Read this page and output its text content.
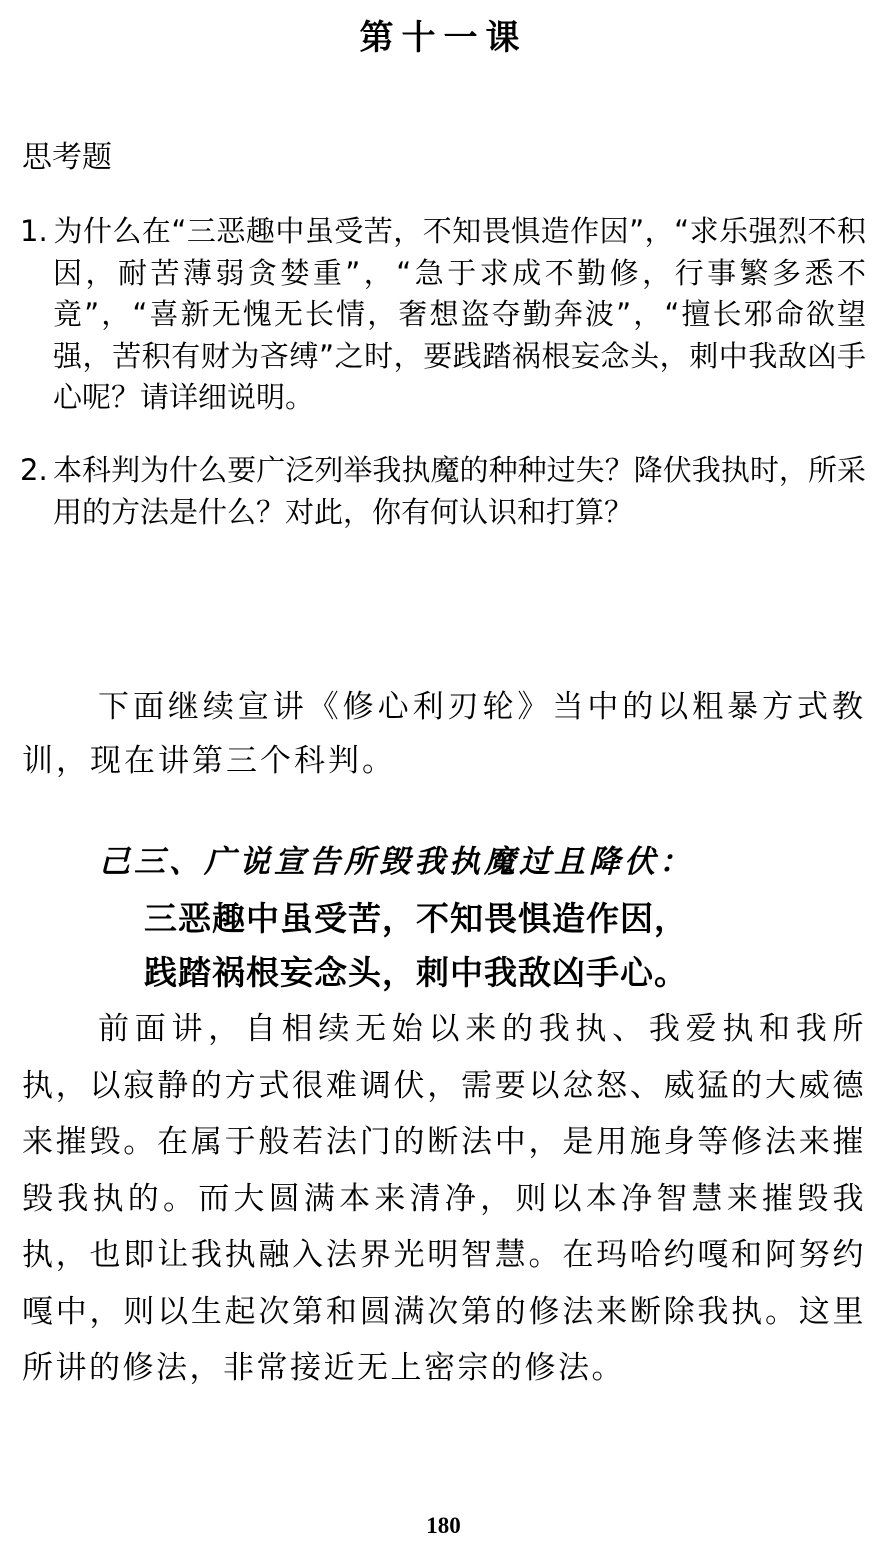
第十一课
思考题
1. 为什么在“三恶趣中虽受苦，不知畏惧造作因”，“求乐强烈不积因，耐苦薄弱贪婪重”，“急于求成不勤修，行事繁多悉不竟”，“喜新无愧无长情，奢想盗夺勤奔波”，“擅长邪命欲望强，苦积有财为吝缚”之时，要践踏祸根妄念头，刺中我敌凶手心呢？请详细说明。
2. 本科判为什么要广泛列举我执魔的种种过失？降伏我执时，所采用的方法是什么？对此，你有何认识和打算？
下面继续宣讲《修心利刃轮》当中的以粗暴方式教训，现在讲第三个科判。
己三、广说宣告所毁我执魔过且降伏：
三恶趣中虽受苦，不知畏惧造作因，
践踏祸根妄念头，刺中我敌凶手心。
前面讲，自相续无始以来的我执、我爱执和我所执，以寂静的方式很难调伏，需要以忿怒、威猛的大威德来摧毁。在属于般若法门的断法中，是用施身等修法来摧毁我执的。而大圆满本来清净，则以本净智慧来摧毁我执，也即让我执融入法界光明智慧。在玛哈约嘎和阿努约嘎中，则以生起次第和圆满次第的修法来断除我执。这里所讲的修法，非常接近无上密宗的修法。
180
